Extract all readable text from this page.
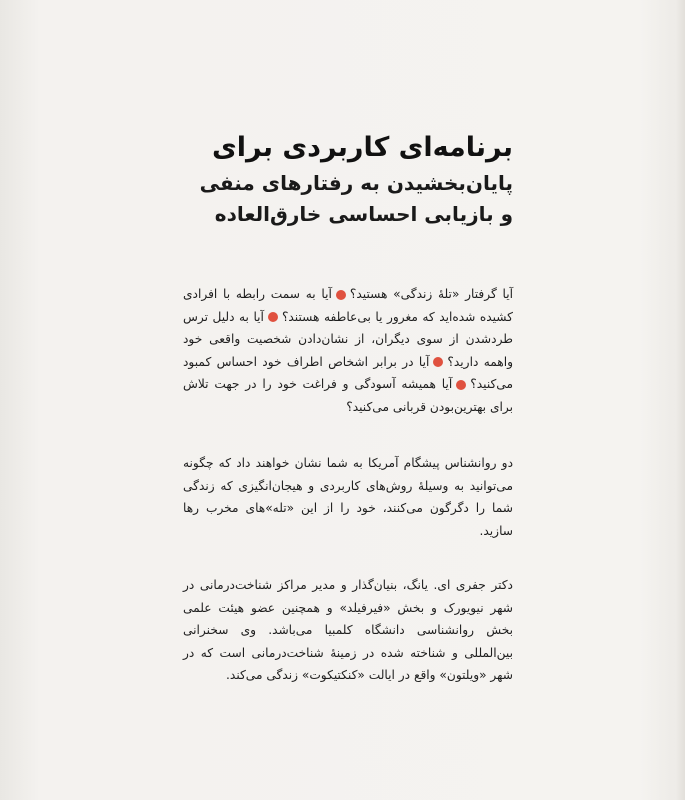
برنامه‌ای کاربردی برای

پایان‌بخشیدن به رفتارهای منفی

و بازیابی احساسی خارق‌العاده

آیا گرفتار «تلهٔ زندگی» هستید؟آیا به سمت رابطه با افرادی کشیده شده‌اید که مغرور یا بی‌عاطفه هستند؟آیا به دلیل ترس طردشدن از سوی دیگران، از نشان‌دادن شخصیت واقعی خود واهمه دارید؟آیا در برابر اشخاص اطراف خود احساس کمبود می‌کنید؟آیا همیشه آسودگی و فراغت خود را در جهت تلاش برای بهترین‌بودن قربانی می‌کنید؟

دو روانشناس پیشگام آمریکا به شما نشان خواهند داد که چگونه می‌توانید به وسیلهٔ روش‌های کاربردی و هیجان‌انگیزی که زندگی شما را دگرگون می‌کنند، خود را از این «تله»های مخرب رها سازید.

دکتر جفری ای. یانگ، بنیان‌گذار و مدیر مراکز شناخت‌درمانی در شهر نیویورک و بخش «فیرفیلد» و همچنین عضو هیئت علمی بخش روانشناسی دانشگاه کلمبیا می‌باشد. وی سخنرانی بین‌المللی و شناخته شده در زمینهٔ شناخت‌درمانی است که در شهر «ویلتون» واقع در ایالت «کنکتیکوت» زندگی می‌کند.
